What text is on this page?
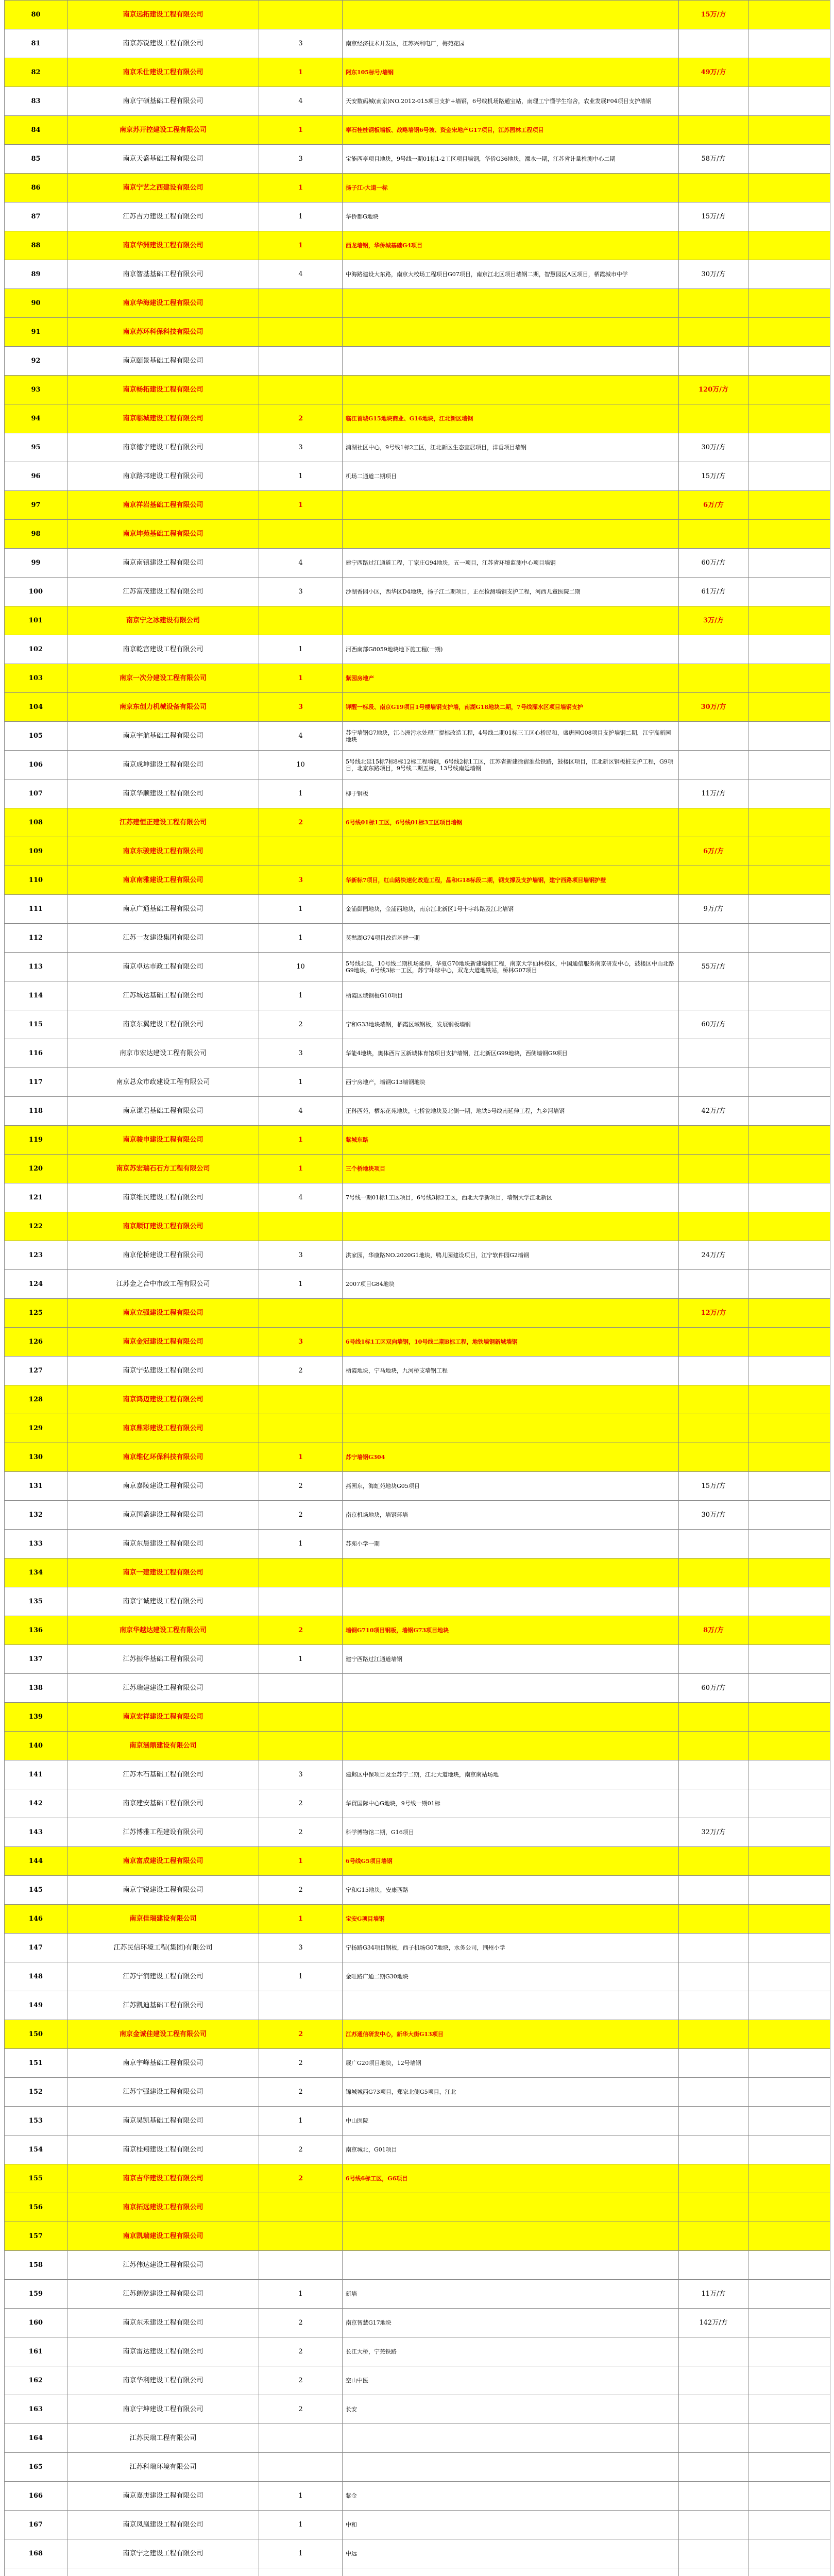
80	南京远拓建设工程有限公司			15万/方	
81	南京苏锐建设工程有限公司	3	南京经济技术开发区，江苏兴利电厂，梅苑花园		
82	南京禾仕建设工程有限公司	1	阿东105标号/墙钢	49万/方	
83	南京宁硕基础工程有限公司	4	天安数码城(南京)NO.2012-015项目支护+墙钢，6号线机场路通宝站，南理工宁懂学生宿舍，农业发展F04项目支护墙钢		
84	南京苏开控建设工程有限公司	1	奉石桂桩钢板墙板、战略墙钢6号坡、资金宋地产G17项目，江苏园林工程项目		
85	南京天盛基础工程有限公司	3	宝能西亭项目地块，9号线一期01标1-2工区项目墙钢，华侨G36地块，溧水一期，江苏省计量检测中心二期	58万/方	
86	南京宁艺之西建设有限公司	1	扬子江-大道一标		
87	江苏吉力建设工程有限公司	1	华侨都G地块	15万/方	
88	南京华洲建设工程有限公司	1	西龙墙钢，华侨城基础G4项目		
89	南京智基基础工程有限公司	4	中海路建设大东路，南京大校场工程项目G07项目，南京江北区项目墙钢二期，智慧园区A区项目，栖霞城市中学	30万/方	
90	南京华海建设工程有限公司				
91	南京苏环科保科技有限公司				
92	南京颐景基础工程有限公司				
93	南京畅拓建设工程有限公司			120万/方	
94	南京临城建设工程有限公司	2	临江首城G15地块商业、G16地块，江北新区墙钢		
95	南京德宇建设工程有限公司	3	浦湖社区中心，9号线1标2工区，江北新区生态宜居项目，洋垂项目墙钢	30万/方	
96	南京路邦建设工程有限公司	1	机场二通道二期项目	15万/方	
97	南京祥岩基础工程有限公司	1		6万/方	
98	南京坤苑基础工程有限公司				
99	南京南镇建设工程有限公司	4	建宁西路过江通道工程，丁家庄G94地块，五一项目，江苏省环境监测中心项目墙钢	60万/方	
100	江苏富茂建设工程有限公司	3	沙湖香园小区，西华区D4地块，扬子江二期项目，正在检测墙钢支护工程，河西儿童医院二期	61万/方	
101	南京宁之冰建设有限公司			3万/方	
102	南京乾宫建设工程有限公司	1	河西南部G8059地块地下施工程(一期)		
103	南京一次分建设工程有限公司	1	紫园房地产		
104	南京东创力机械设备有限公司	3	钾醒一标段、南京G19项目1号楼墙钢支护墙，南湖G18地块二期，7号线溧水区项目墙钢支护	30万/方	
105	南京宇航基础工程有限公司	4	苏宁墙钢G7地块，江心洲污水处理厂提标改造工程，4号线二期01标三工区心桥民和，盛唐园G08项目支护墙钢二期，江宁高新园地块		
106	南京成坤建设工程有限公司	10	5号线北延15标7标8标12标工程墙钢，6号线2标1工区，江苏省新建徐宿淮盐铁路，鼓楼区项目，江北新区钢板桩支护工程，G9项目，北京东路项目，9号线二期五标，13号线南延墙钢		
107	南京华顺建设工程有限公司	1	柳于钢板	11万/方	
108	江苏建恒正建设工程有限公司	2	6号线01标1工区，6号线01标3工区项目墙钢		
109	南京东骏建设工程有限公司			6万/方	
110	南京南雅建设工程有限公司	3	华新标7项目，红山路快速化改造工程，晶和G18标段二期，钢支撑及支护墙钢，建宁西路项目墙钢护壁		
111	南京广通基础工程有限公司	1	金浦御园地块，金浦西地块，南京江北新区1号十字纬路及江北墙钢	9万/方	
112	江苏一友建设集团有限公司	1	莫愁湖G74项目改造基建一期		
113	南京卓达市政工程有限公司	10	5号线北延，10号线二期机场延伸，华夏G70地块新建墙钢工程，南京大学仙林校区，中国通信服务南京研发中心，鼓楼区中山北路G9地块，6号线3标一工区，苏宁环球中心，双龙大道地铁站，桥林G07项目	55万/方	
114	江苏城达基础工程有限公司	1	栖霞区域钢板G10项目		
115	南京东翼建设工程有限公司	2	宁和G33地块墙钢，栖霞区域钢板，发展钢板墙钢	60万/方	
116	南京市宏达建设工程有限公司	3	华能4地块，奥体西片区新城体育馆项目支护墙钢，江北新区G99地块，西侧墙钢G9项目		
117	南京总众市政建设工程有限公司	1	西宁房地产，墙钢G13墙钢地块		
118	南京谦君基础工程有限公司	4	正科西苑，栖东花苑地块，七桥瓮地块及北侧一期，地铁5号线南延伸工程，九乡河墙钢	42万/方	
119	南京骏申建设工程有限公司	1	紫城东路		
120	南京苏宏瑞石石方工程有限公司	1	三个桥地块项目		
121	南京维民建设工程有限公司	4	7号线一期01标1工区项目，6号线3标2工区，西北大学新项目，墙钢大学江北新区		
122	南京顺订建设工程有限公司				
123	南京伦桥建设工程有限公司	3	洪家园，华康路NO.2020G1地块，鸭儿园建设项目，江宁软件园G2墙钢	24万/方	
124	江苏金之合中市政工程有限公司	1	2007项目G84地块		
125	南京立强建设工程有限公司			12万/方	
126	南京金冠建设工程有限公司	3	6号线1标1工区双向墙钢，10号线二期B标工程，地铁墙钢新城墙钢		
127	南京宁弘建设工程有限公司	2	栖霞地块，宁马地块，九河桥支墙钢工程		
128	南京鸿迈建设工程有限公司				
129	南京鼎彩建设工程有限公司				
130	南京维亿环保科技有限公司	1	苏宁墙钢G304		
131	南京嘉陵建设工程有限公司	2	燕园东，海虹苑地块G05项目	15万/方	
132	南京国盛建设工程有限公司	2	南京机场地块，墙钢环墙	30万/方	
133	南京东晨建设工程有限公司	1	苏苑小学一期		
134	南京一建建设工程有限公司				
135	南京宇诚建设工程有限公司				
136	南京华越达建设工程有限公司	2	墙钢G710项目钢板，墙钢G73项目地块	8万/方	
137	江苏振华基础工程有限公司	1	建宁西路过江通道墙钢		
138	江苏瑞建建设工程有限公司			60万/方	
139	南京宏祥建设工程有限公司				
140	南京涵鼎建设有限公司				
141	江苏木石基础工程有限公司	3	建邺区中保项目及至苏宁二期，江北大道地块，南京南站场地		
142	南京建安基础工程有限公司	2	华贸国际中心G地块，9号线一期01标		
143	江苏博雅工程建设有限公司	2	科学博物馆二期，G16项目	32万/方	
144	南京富成建设工程有限公司	1	6号线G5项目墙钢		
145	南京宁锐建设工程有限公司	2	宁和G15地块，安康西路		
146	南京佳瑞建设有限公司	1	宝安G项目墙钢		
147	江苏民信环境工程(集团)有限公司	3	宁扬路G34项目钢板，西子机场G07地块，水务公司，荆州小学		
148	江苏宁润建设工程有限公司	1	金旺路广通二期G30地块		
149	江苏凯迪基础工程有限公司				
150	南京金诚佳建设工程有限公司	2	江苏通信研发中心，新华大街G13项目		
151	南京宇峰基础工程有限公司	2	展广G20项目地块，12号墙钢		
152	江苏宁强建设工程有限公司	2	锦城城西G73项目，郑家北侧G5项目，江北		
153	南京昊凯基础工程有限公司	1	中山医院		
154	南京桂翔建设工程有限公司	2	南京城北，G01项目		
155	南京吉华建设工程有限公司	2	6号线6标工区，G6项目		
156	南京拓远建设工程有限公司				
157	南京凯瑞建设工程有限公司				
158	江苏伟达建设工程有限公司				
159	江苏朗乾建设工程有限公司	1	新墙	11万/方	
160	南京东禾建设工程有限公司	2	南京智慧G17地块	142万/方	
161	南京雷达建设工程有限公司	2	长江大桥，宁芜铁路		
162	南京华利建设工程有限公司	2	空山中医		
163	南京宁坤建设工程有限公司	2	长安		
164	江苏民瑞工程有限公司				
165	江苏科瑞环境有限公司				
166	南京嘉庚建设工程有限公司	1	紫金		
167	南京凤凰建设工程有限公司	1	中和		
168	南京宁之建设工程有限公司	1	中远		
